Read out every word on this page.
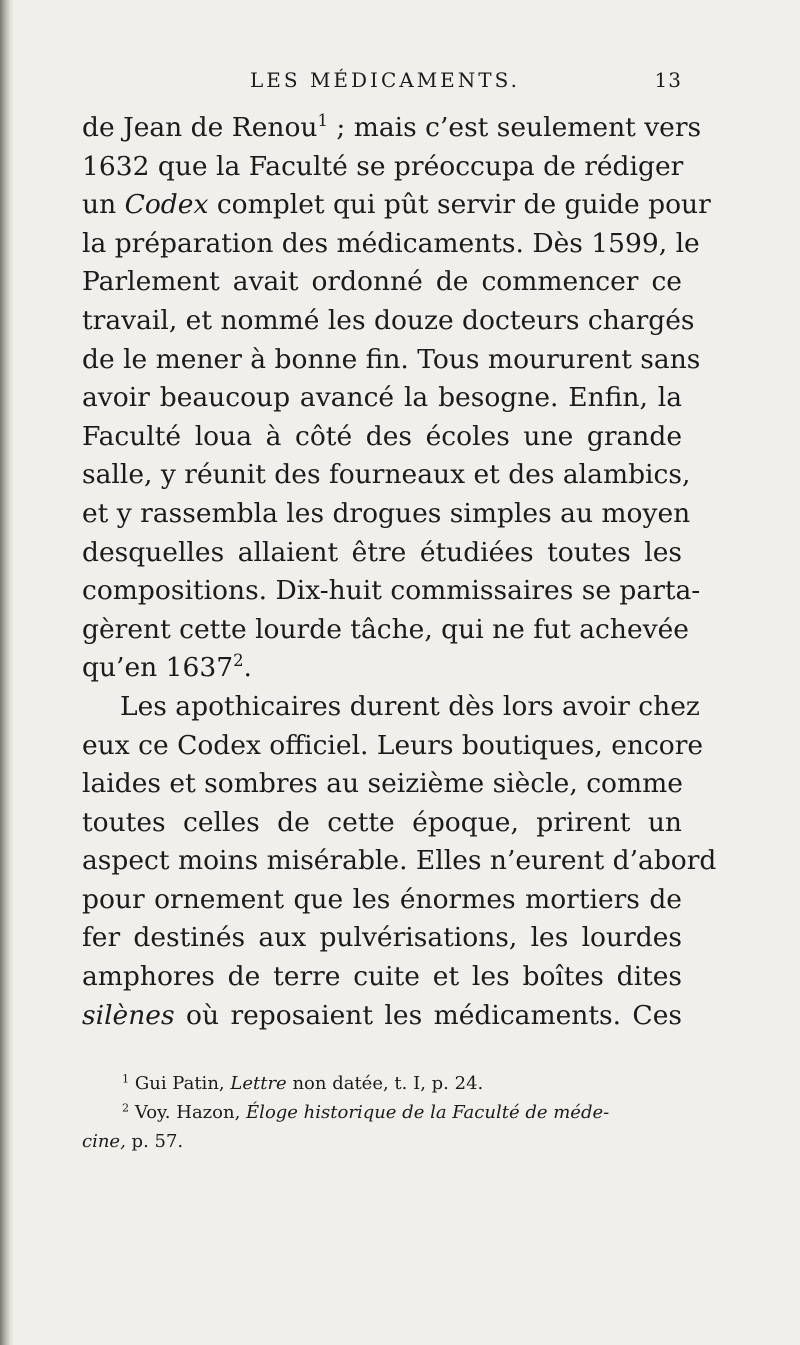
LES MÉDICAMENTS.	13
de Jean de Renou$^1$ ; mais c’est seulement vers
1632 que la Faculté se préoccupa de rédiger
un Codex complet qui pût servir de guide pour
la préparation des médicaments. Dès 1599, le
Parlement avait ordonné de commencer ce
travail, et nommé les douze docteurs chargés
de le mener à bonne fin. Tous moururent sans
avoir beaucoup avancé la besogne. Enfin, la
Faculté loua à côté des écoles une grande
salle, y réunit des fourneaux et des alambics,
et y rassembla les drogues simples au moyen
desquelles allaient être étudiées toutes les
compositions. Dix-huit commissaires se parta-
gèrent cette lourde tâche, qui ne fut achevée
qu’en 1637$^2$.
Les apothicaires durent dès lors avoir chez
eux ce Codex officiel. Leurs boutiques, encore
laides et sombres au seizième siècle, comme
toutes celles de cette époque, prirent un
aspect moins misérable. Elles n’eurent d’abord
pour ornement que les énormes mortiers de
fer destinés aux pulvérisations, les lourdes
amphores de terre cuite et les boîtes dites
silènes où reposaient les médicaments. Ces
$^1$ Gui Patin, Lettre non datée, t. I, p. 24.
$^2$ Voy. Hazon, Éloge historique de la Faculté de méde-
cine, p. 57.
